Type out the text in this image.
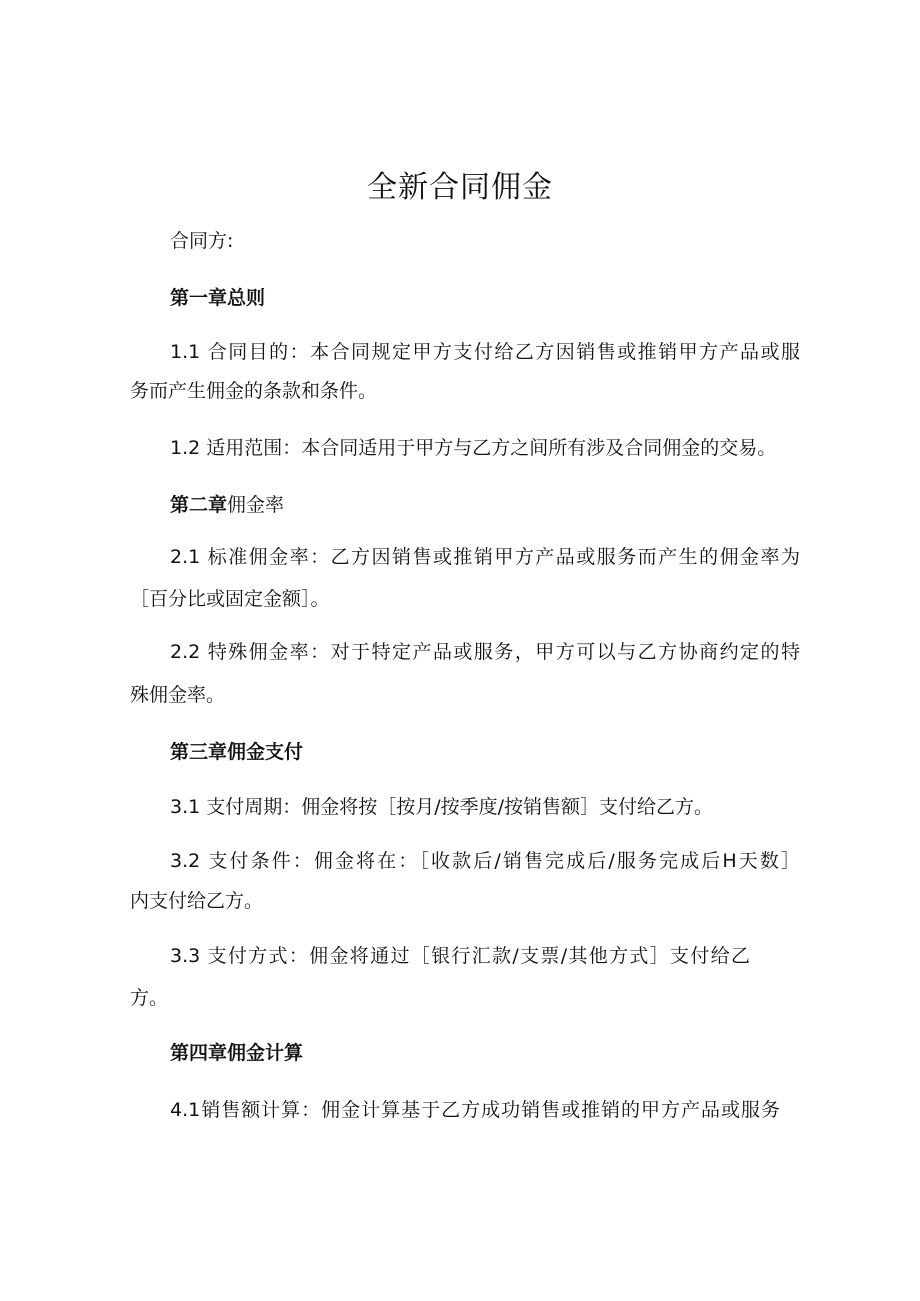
全新合同佣金
合同方:
第一章总则
1.1 合同目的：本合同规定甲方支付给乙方因销售或推销甲方产品或服
务而产生佣金的条款和条件。
1.2 适用范围：本合同适用于甲方与乙方之间所有涉及合同佣金的交易。
第二章佣金率
2.1 标准佣金率：乙方因销售或推销甲方产品或服务而产生的佣金率为
［百分比或固定金额］。
2.2 特殊佣金率：对于特定产品或服务，甲方可以与乙方协商约定的特
殊佣金率。
第三章佣金支付
3.1 支付周期：佣金将按［按月/按季度/按销售额］支付给乙方。
3.2 支付条件：佣金将在：［收款后/销售完成后/服务完成后H天数］
内支付给乙方。
3.3 支付方式：佣金将通过［银行汇款/支票/其他方式］支付给乙
方。
第四章佣金计算
4.1销售额计算：佣金计算基于乙方成功销售或推销的甲方产品或服务
